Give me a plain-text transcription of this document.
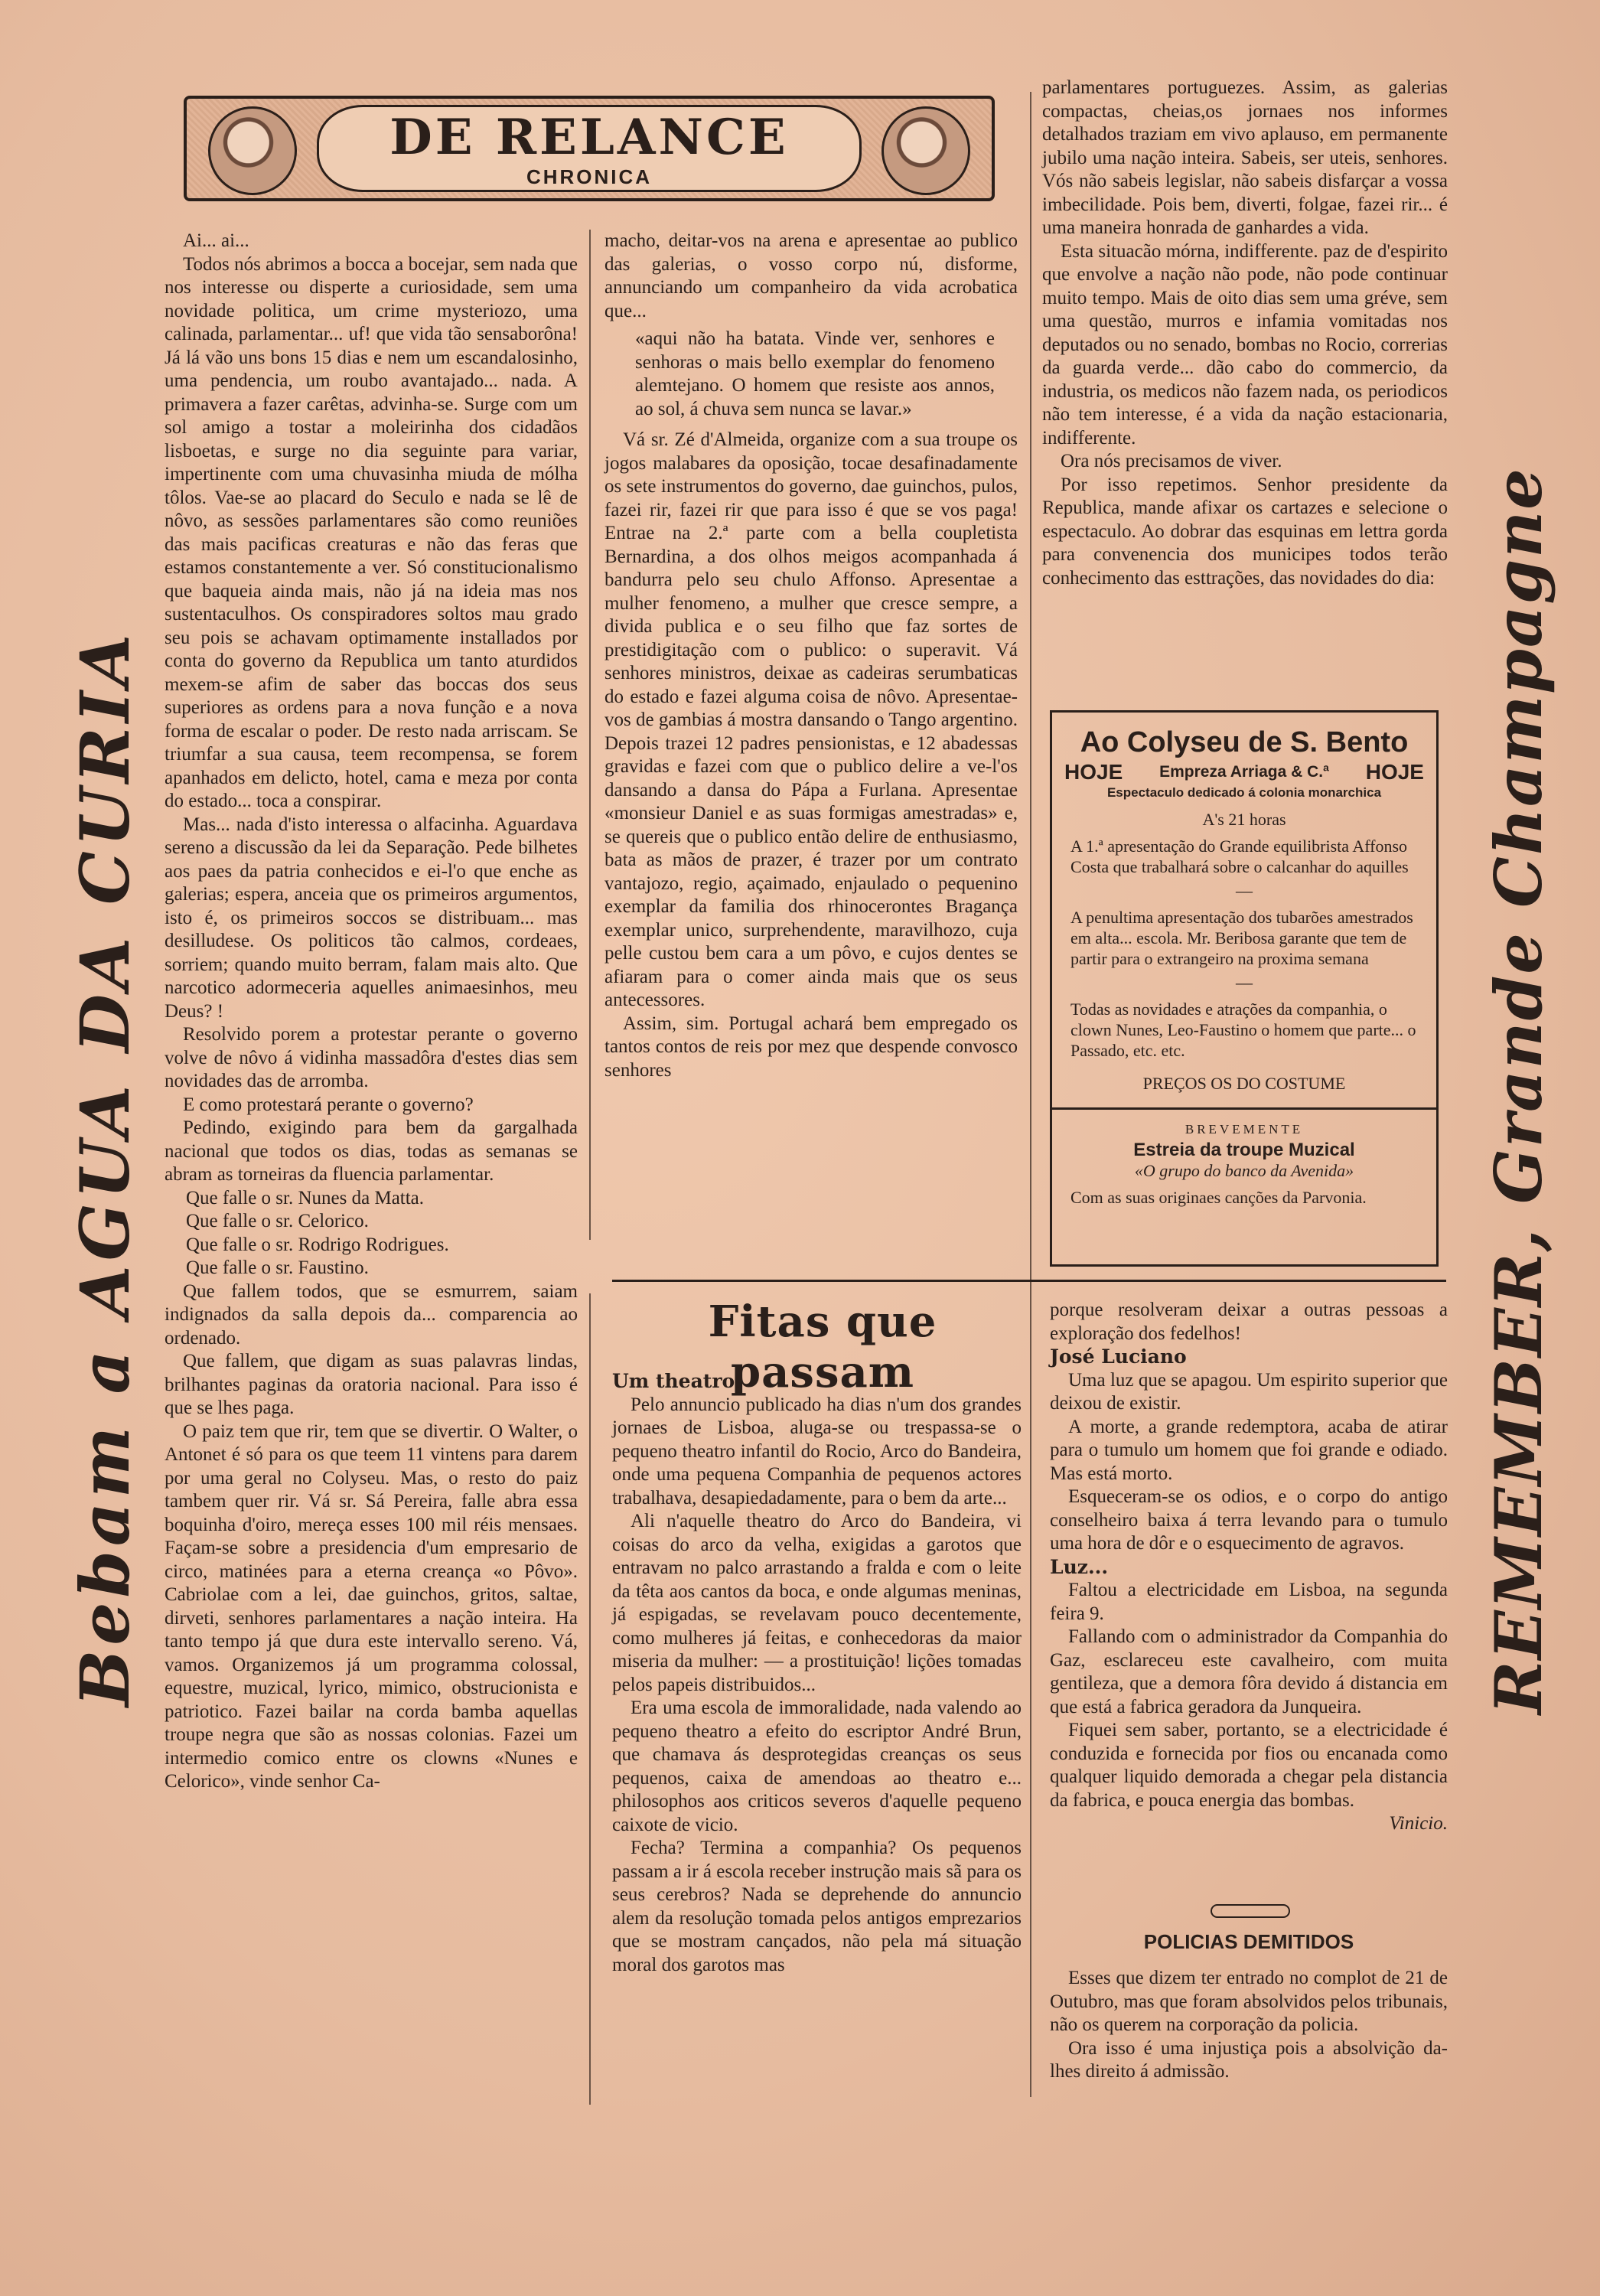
DE RELANCE
CHRONICA
Bebam a AGUA DA CURIA	REMEMBER, Grande Champagne

Ai... ai...

Todos nós abrimos a bocca a bocejar, sem nada que nos interesse ou disperte a curiosidade, sem uma novidade politica, um crime mysteriozo, uma calinada, parlamentar... uf! que vida tão sensaborôna! Já lá vão uns bons 15 dias e nem um escandalosinho, uma pendencia, um roubo avantajado... nada. A primavera a fazer carêtas, advinha-se. Surge com um sol amigo a tostar a moleirinha dos cidadãos lisboetas, e surge no dia seguinte para variar, impertinente com uma chuvasinha miuda de mólha tôlos. Vae-se ao placard do Seculo e nada se lê de nôvo, as sessões parlamentares são como reuniões das mais pacificas creaturas e não das feras que estamos constantemente a ver. Só constitucionalismo que baqueia ainda mais, não já na ideia mas nos sustentaculhos. Os conspiradores soltos mau grado seu pois se achavam optimamente installados por conta do governo da Republica um tanto aturdidos mexem-se afim de saber das boccas dos seus superiores as ordens para a nova função e a nova forma de escalar o poder. De resto nada arriscam. Se triumfar a sua causa, teem recompensa, se forem apanhados em delicto, hotel, cama e meza por conta do estado... toca a conspirar.

Mas... nada d'isto interessa o alfacinha. Aguardava sereno a discussão da lei da Separação. Pede bilhetes aos paes da patria conhecidos e ei-l'o que enche as galerias; espera, anceia que os primeiros argumentos, isto é, os primeiros soccos se distribuam... mas desilludese. Os politicos tão calmos, cordeaes, sorriem; quando muito berram, falam mais alto. Que narcotico adormeceria aquelles animaesinhos, meu Deus? !

Resolvido porem a protestar perante o governo volve de nôvo á vidinha massadôra d'estes dias sem novidades das de arromba.

E como protestará perante o governo?

Pedindo, exigindo para bem da gargalhada nacional que todos os dias, todas as semanas se abram as torneiras da fluencia parlamentar.

Que falle o sr. Nunes da Matta.
Que falle o sr. Celorico.
Que falle o sr. Rodrigo Rodrigues.
Que falle o sr. Faustino.

Que fallem todos, que se esmurrem, saiam indignados da salla depois da... comparencia ao ordenado.

Que fallem, que digam as suas palavras lindas, brilhantes paginas da oratoria nacional. Para isso é que se lhes paga.

O paiz tem que rir, tem que se divertir. O Walter, o Antonet é só para os que teem 11 vintens para darem por uma geral no Colyseu. Mas, o resto do paiz tambem quer rir. Vá sr. Sá Pereira, falle abra essa boquinha d'oiro, mereça esses 100 mil réis mensaes. Façam-se sobre a presidencia d'um empresario de circo, matinées para a eterna creança «o Pôvo». Cabriolae com a lei, dae guinchos, gritos, saltae, dirveti, senhores parlamentares a nação inteira. Ha tanto tempo já que dura este intervallo sereno. Vá, vamos. Organizemos já um programma colossal, equestre, muzical, lyrico, mimico, obstrucionista e patriotico. Fazei bailar na corda bamba aquellas troupe negra que são as nossas colonias. Fazei um intermedio comico entre os clowns «Nunes e Celorico», vinde senhor Ca-

macho, deitar-vos na arena e apresentae ao publico das galerias, o vosso corpo nú, disforme, annunciando um companheiro da vida acrobatica que...

«aqui não ha batata. Vinde ver, senhores e senhoras o mais bello exemplar do fenomeno alemtejano. O homem que resiste aos annos, ao sol, á chuva sem nunca se lavar.»

Vá sr. Zé d'Almeida, organize com a sua troupe os jogos malabares da oposição, tocae desafinadamente os sete instrumentos do governo, dae guinchos, pulos, fazei rir, fazei rir que para isso é que se vos paga! Entrae na 2.ª parte com a bella coupletista Bernardina, a dos olhos meigos acompanhada á bandurra pelo seu chulo Affonso. Apresentae a mulher fenomeno, a mulher que cresce sempre, a divida publica e o seu filho que faz sortes de prestidigitação com o publico: o superavit. Vá senhores ministros, deixae as cadeiras serumbaticas do estado e fazei alguma coisa de nôvo. Apresentae-vos de gambias á mostra dansando o Tango argentino. Depois trazei 12 padres pensionistas, e 12 abadessas gravidas e fazei com que o publico delire a ve-l'os dansando a dansa do Pápa a Furlana. Apresentae «monsieur Daniel e as suas formigas amestradas» e, se quereis que o publico então delire de enthusiasmo, bata as mãos de prazer, é trazer por um contrato vantajozo, regio, açaimado, enjaulado o pequenino exemplar da familia dos rhinocerontes Bragança exemplar unico, surprehendente, maravilhozo, cuja pelle custou bem cara a um pôvo, e cujos dentes se afiaram para o comer ainda mais que os seus antecessores.

Assim, sim. Portugal achará bem empregado os tantos contos de reis por mez que despende convosco senhores

parlamentares portuguezes. Assim, as galerias compactas, cheias,os jornaes nos informes detalhados traziam em vivo aplauso, em permanente jubilo uma nação inteira. Sabeis, ser uteis, senhores. Vós não sabeis legislar, não sabeis disfarçar a vossa imbecilidade. Pois bem, diverti, folgae, fazei rir... é uma maneira honrada de ganhardes a vida.

Esta situacão mórna, indifferente. paz de d'espirito que envolve a nação não pode, não pode continuar muito tempo. Mais de oito dias sem uma gréve, sem uma questão, murros e infamia vomitadas nos deputados ou no senado, bombas no Rocio, correrias da guarda verde... dão cabo do commercio, da industria, os medicos não fazem nada, os periodicos não tem interesse, é a vida da nação estacionaria, indifferente.

Ora nós precisamos de viver.

Por isso repetimos. Senhor presidente da Republica, mande afixar os cartazes e selecione o espectaculo. Ao dobrar das esquinas em lettra gorda para convenencia dos municipes todos terão conhecimento das esttrações, das novidades do dia:

Ao Colyseu de S. Bento
HOJE Empreza Arriaga & C.ª HOJE
Espectaculo dedicado á colonia monarchica
A's 21 horas
A 1.ª apresentação do Grande equilibrista Affonso Costa que trabalhará sobre o calcanhar do aquilles
—
A penultima apresentação dos tubarões amestrados em alta... escola. Mr. Beribosa garante que tem de partir para o extrangeiro na proxima semana
—
Todas as novidades e atrações da companhia, o clown Nunes, Leo-Faustino o homem que parte... o Passado, etc. etc.
PREÇOS OS DO COSTUME
BREVEMENTE
Estreia da troupe Muzical
«O grupo do banco da Avenida»
Com as suas originaes canções da Parvonia.
Fitas que passam

Um theatro

Pelo annuncio publicado ha dias n'um dos grandes jornaes de Lisboa, aluga-se ou trespassa-se o pequeno theatro infantil do Rocio, Arco do Bandeira, onde uma pequena Companhia de pequenos actores trabalhava, desapiedadamente, para o bem da arte...

Ali n'aquelle theatro do Arco do Bandeira, vi coisas do arco da velha, exigidas a garotos que entravam no palco arrastando a fralda e com o leite da têta aos cantos da boca, e onde algumas meninas, já espigadas, se revelavam pouco decentemente, como mulheres já feitas, e conhecedoras da maior miseria da mulher: — a prostituição! lições tomadas pelos papeis distribuidos...

Era uma escola de immoralidade, nada valendo ao pequeno theatro a efeito do escriptor André Brun, que chamava ás desprotegidas creanças os seus pequenos, caixa de amendoas ao theatro e... philosophos aos criticos severos d'aquelle pequeno caixote de vicio.

Fecha? Termina a companhia? Os pequenos passam a ir á escola receber instrução mais sã para os seus cerebros? Nada se deprehende do annuncio alem da resolução tomada pelos antigos emprezarios que se mostram cançados, não pela má situação moral dos garotos mas

porque resolveram deixar a outras pessoas a exploração dos fedelhos!

José Luciano

Uma luz que se apagou. Um espirito superior que deixou de existir.

A morte, a grande redemptora, acaba de atirar para o tumulo um homem que foi grande e odiado. Mas está morto.

Esqueceram-se os odios, e o corpo do antigo conselheiro baixa á terra levando para o tumulo uma hora de dôr e o esquecimento de agravos.

Luz...

Faltou a electricidade em Lisboa, na segunda feira 9.

Fallando com o administrador da Companhia do Gaz, esclareceu este cavalheiro, com muita gentileza, que a demora fôra devido á distancia em que está a fabrica geradora da Junqueira.

Fiquei sem saber, portanto, se a electricidade é conduzida e fornecida por fios ou encanada como qualquer liquido demorada a chegar pela distancia da fabrica, e pouca energia das bombas.

Vinicio.

POLICIAS DEMITIDOS

Esses que dizem ter entrado no complot de 21 de Outubro, mas que foram absolvidos pelos tribunais, não os querem na corporação da policia.

Ora isso é uma injustiça pois a absolvição da-lhes direito á admissão.
